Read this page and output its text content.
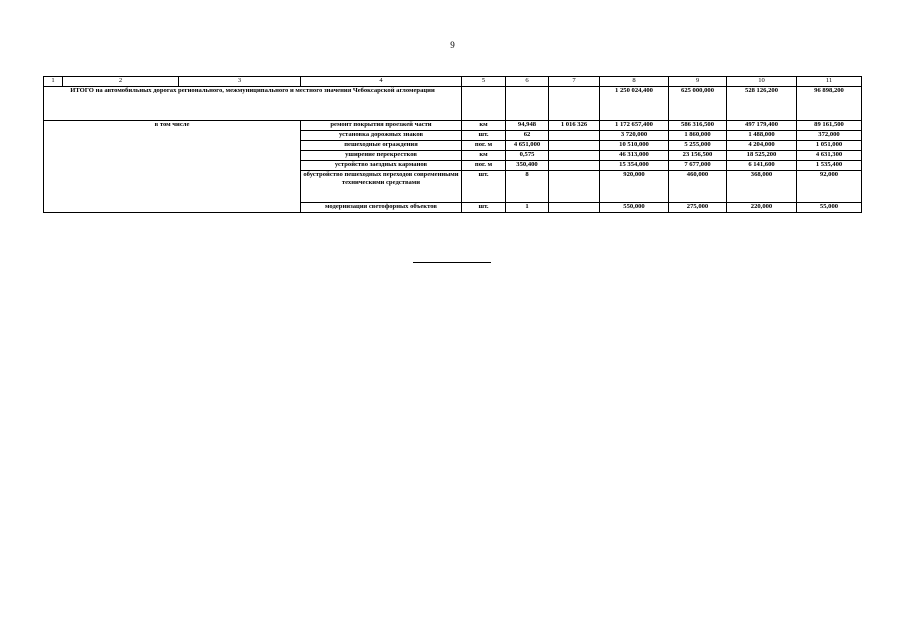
9
1	2	3	4	5	6	7	8	9	10	11
ИТОГО на автомобильных дорогах регионального, межмуниципального и местного значения Чебоксарской агломерации							1 250 024,400	625 000,000	528 126,200	96 898,200
в том числе			ремонт покрытия проезжей части	км	94,948	1 016 326	1 172 657,400	586 316,500	497 179,400	89 161,500
			установка дорожных знаков	шт.	62		3 720,000	1 860,000	1 488,000	372,000
			пешеходные ограждения	пог. м	4 651,000		10 510,000	5 255,000	4 204,000	1 051,000
			уширение перекрестков	км	0,575		46 313,000	23 156,500	18 525,200	4 631,300
			устройство заездных карманов	пог. м	350,400		15 354,000	7 677,000	6 141,600	1 535,400
			обустройство пешеходных переходов современными техническими средствами	шт.	8		920,000	460,000	368,000	92,000
			модернизация светофорных объектов	шт.	1		550,000	275,000	220,000	55,000
